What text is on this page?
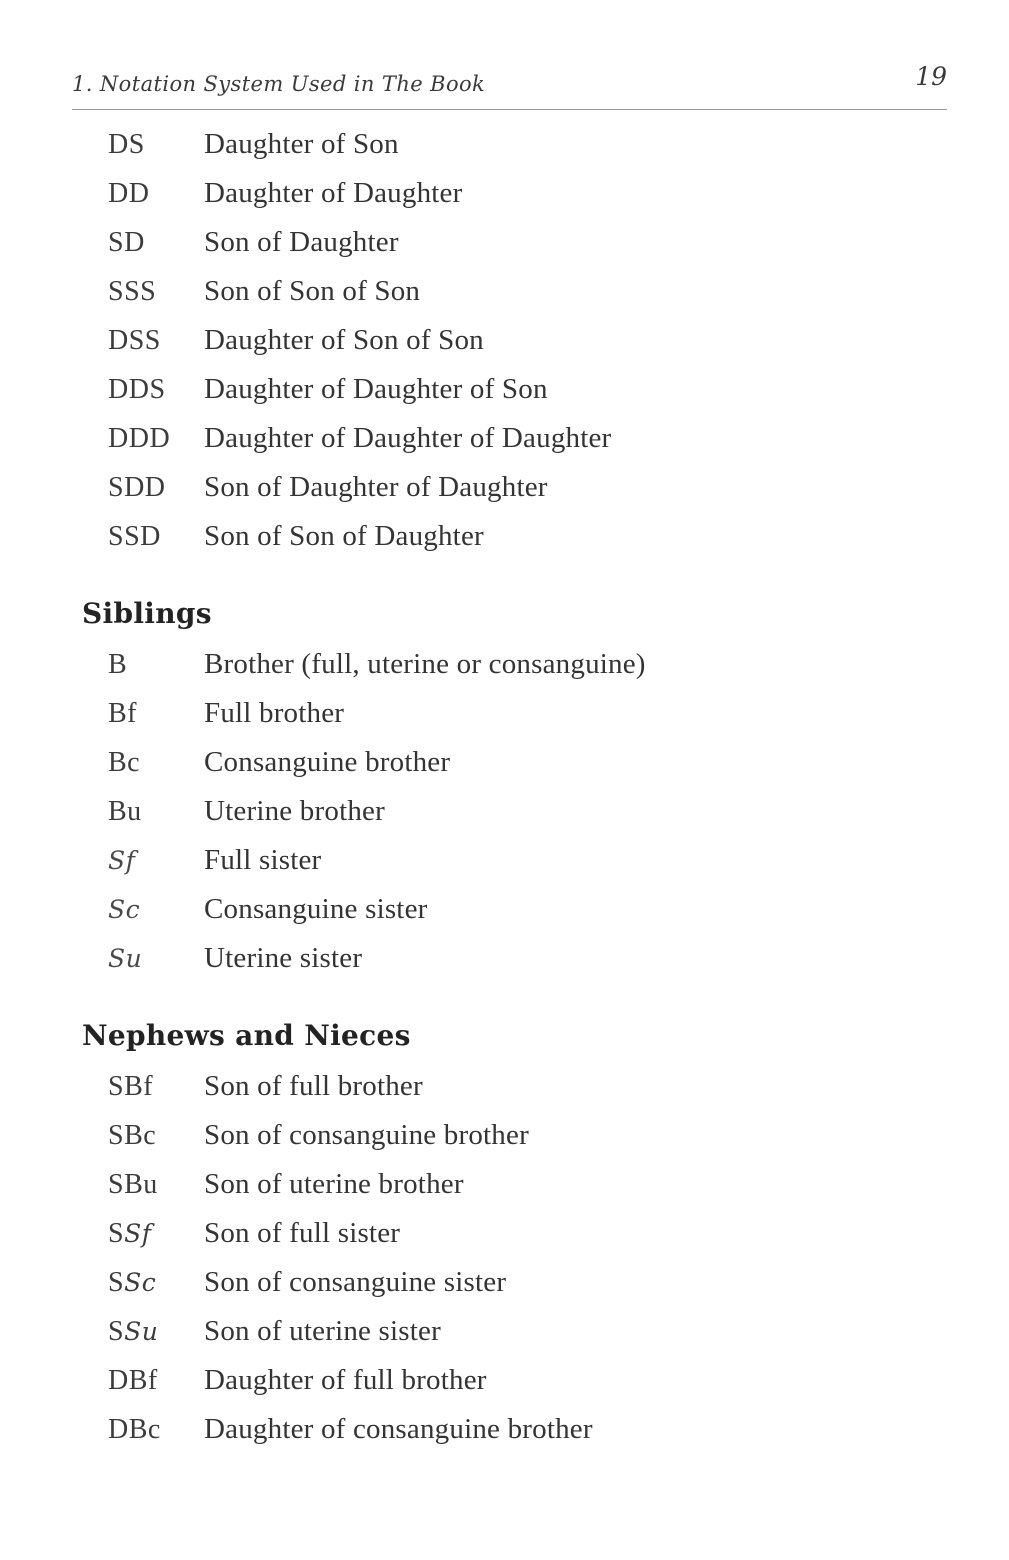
1. Notation System Used in The Book	19
DS	Daughter of Son
DD	Daughter of Daughter
SD	Son of Daughter
SSS	Son of Son of Son
DSS	Daughter of Son of Son
DDS	Daughter of Daughter of Son
DDD	Daughter of Daughter of Daughter
SDD	Son of Daughter of Daughter
SSD	Son of Son of Daughter
Siblings
B	Brother (full, uterine or consanguine)
Bf	Full brother
Bc	Consanguine brother
Bu	Uterine brother
Sf	Full sister
Sc	Consanguine sister
Su	Uterine sister
Nephews and Nieces
SBf	Son of full brother
SBc	Son of consanguine brother
SBu	Son of uterine brother
SSf	Son of full sister
SSc	Son of consanguine sister
SSu	Son of uterine sister
DBf	Daughter of full brother
DBc	Daughter of consanguine brother
